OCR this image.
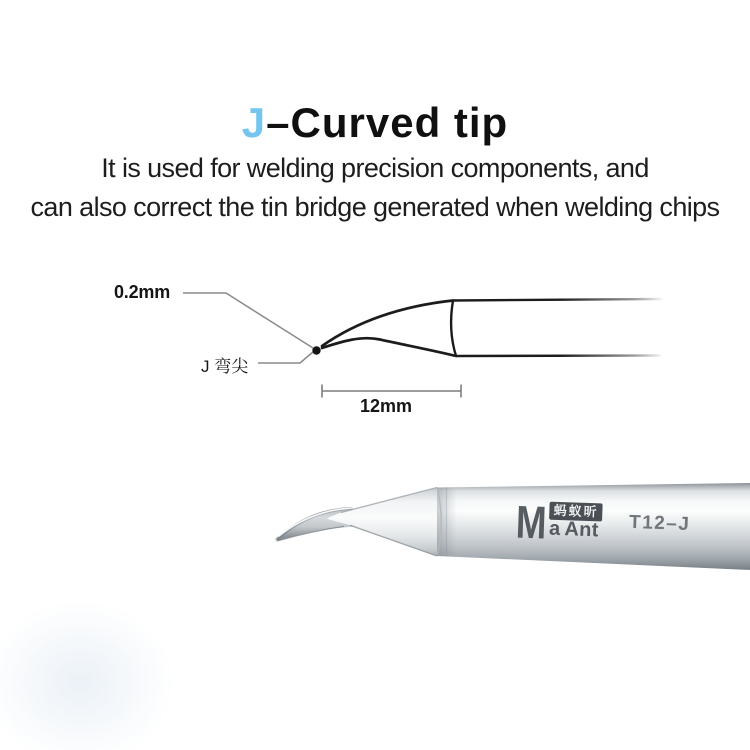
J–Curved tip
It is used for welding precision components, and
can also correct the tin bridge generated when welding chips
0.2mm
J 弯尖
12mm
M 蚂蚁昕
a Ant T12–J
